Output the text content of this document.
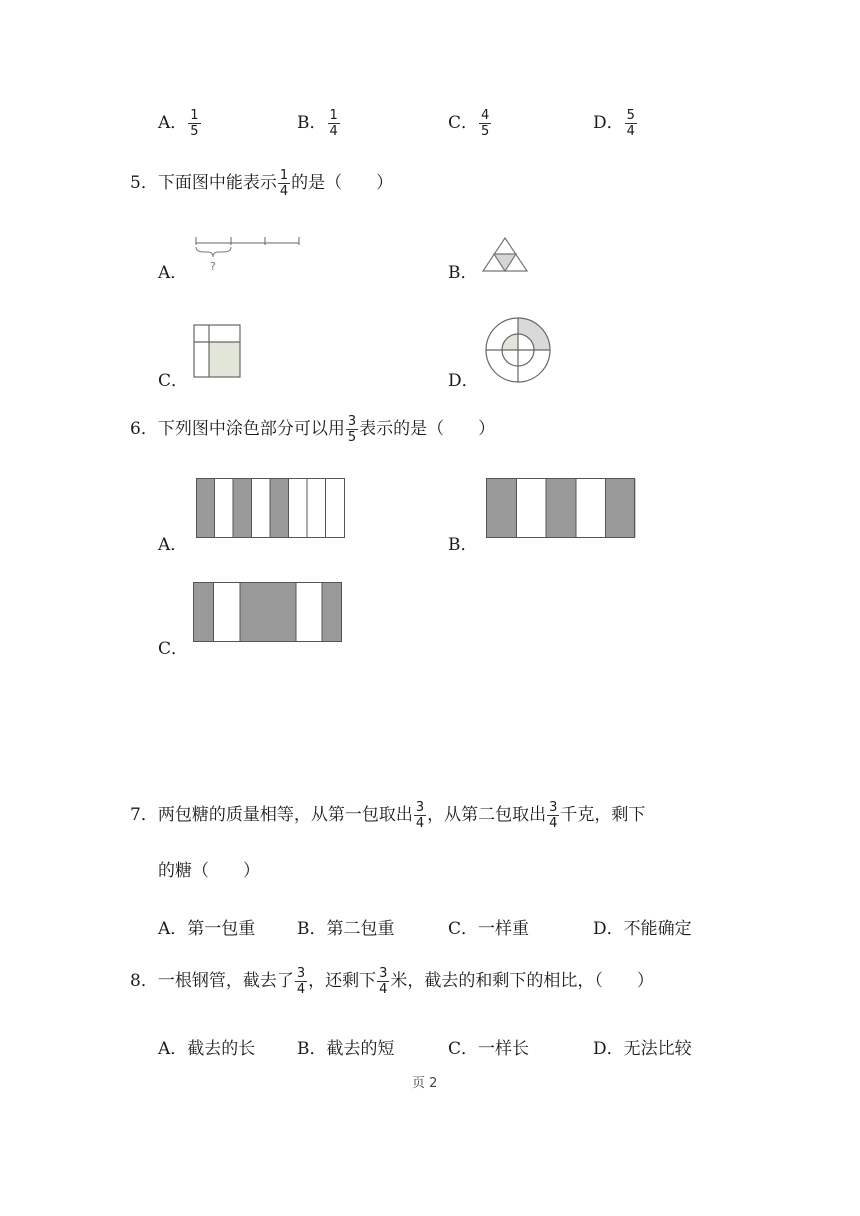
A． $\frac{1}{5}$	B． $\frac{1}{4}$	C． $\frac{4}{5}$	D． $\frac{5}{4}$
5．下面图中能表示 $\frac{1}{4}$ 的是（　　）
A． ?	B．
C．	D．
6．下列图中涂色部分可以用 $\frac{3}{5}$ 表示的是（　　）
A．	B．
C．
7．两包糖的质量相等，从第一包取出 $\frac{3}{4}$ ，从第二包取出 $\frac{3}{4}$ 千克，剩下
的糖（　　）
A．第一包重 B．第二包重	C．一样重	D．不能确定
8．一根钢管，截去了 $\frac{3}{4}$ ，还剩下 $\frac{3}{4}$ 米，截去的和剩下的相比，（　　）
A．截去的长 B．截去的短	C．一样长	D．无法比较
页 2
